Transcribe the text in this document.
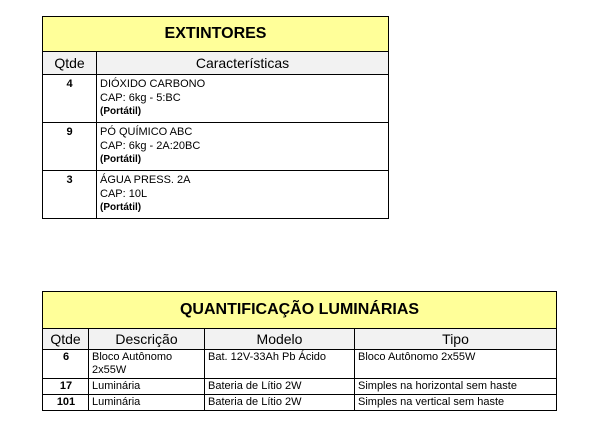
EXTINTORES	
Qtde	Características
4	DIÓXIDO CARBONO
CAP: 6kg - 5:BC
(Portátil)

9	PÓ QUÍMICO ABC
CAP: 6kg - 2A:20BC
(Portátil)

3	ÁGUA PRESS. 2A
CAP: 10L
(Portátil)
QUANTIFICAÇÃO LUMINÁRIAS			
Qtde	Descrição	Modelo	Tipo
6	Bloco Autônomo 2x55W	Bat. 12V-33Ah Pb Ácido	Bloco Autônomo 2x55W
17	Luminária	Bateria de Lítio 2W	Simples na horizontal sem haste
101	Luminária	Bateria de Lítio 2W	Simples na vertical sem haste
